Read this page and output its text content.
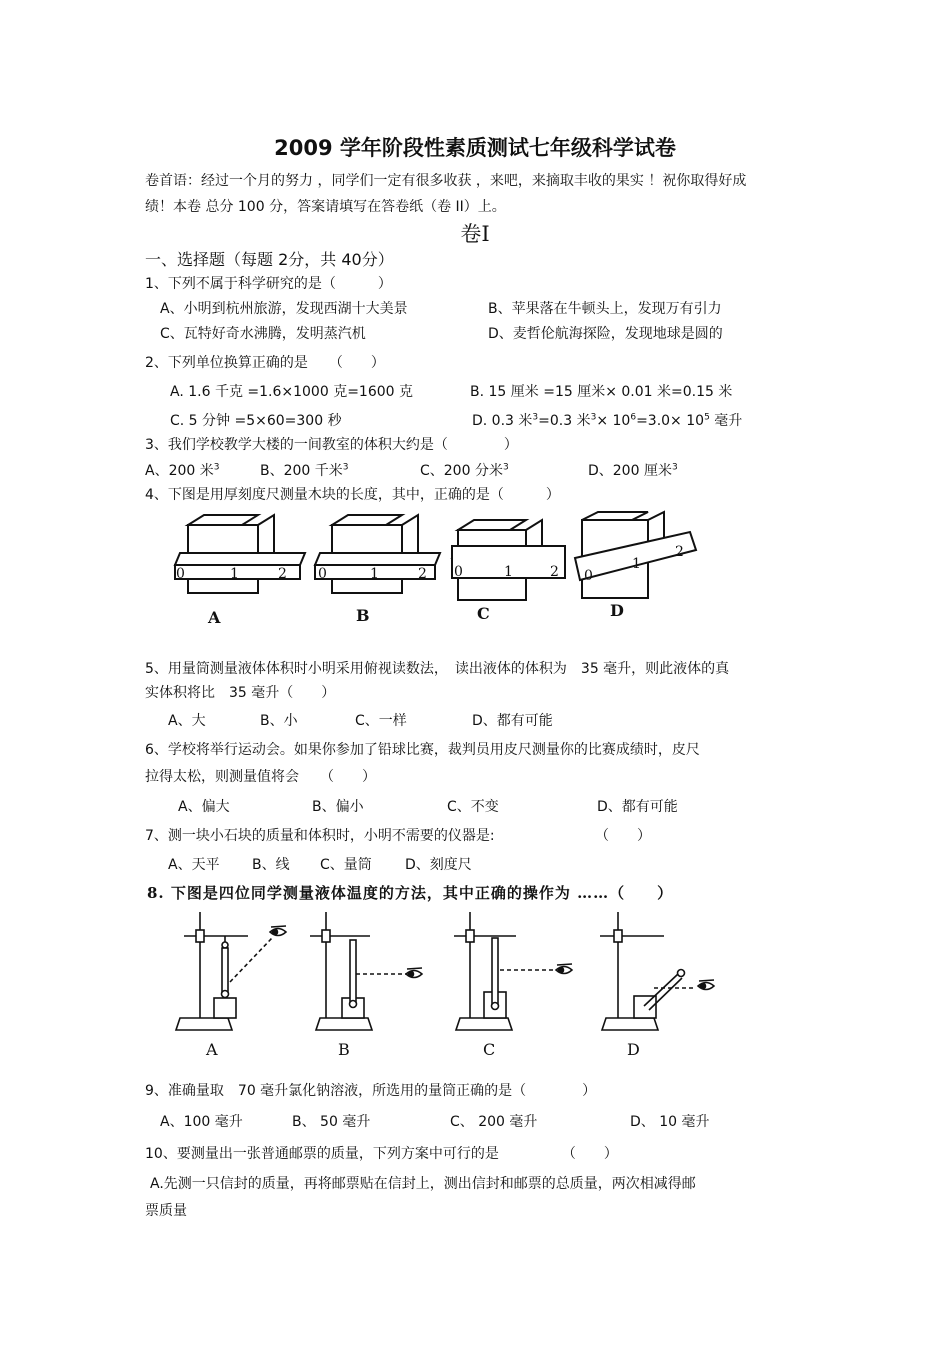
2009 学年阶段性素质测试七年级科学试卷
卷首语：经过一个月的努力 ，同学们一定有很多收获 ，来吧，来摘取丰收的果实 ！祝你取得好成
绩！本卷 总分 100 分，答案请填写在答卷纸（卷 II）上。
卷Ⅰ
一、选择题（每题 2分，共 40分）
1、下列不属于科学研究的是（　　　）
A、小明到杭州旅游，发现西湖十大美景	B、苹果落在牛顿头上，发现万有引力
C、瓦特好奇水沸腾，发明蒸汽机	D、麦哲伦航海探险，发现地球是圆的
2、下列单位换算正确的是　　（　　）
A. 1.6 千克 =1.6×1000 克=1600 克	B. 15 厘米 =15 厘米× 0.01 米=0.15 米
C. 5 分钟 =5×60=300 秒	D. 0.3 米$^3$=0.3 米$^3\times 10^6=3.0\times 10^5$ 毫升
3、我们学校教学大楼的一间教室的体积大约是（　　　　）
A、200 米$^3$	B、200 千米$^3$	C、200 分米$^3$	D、200 厘米$^3$
4、下图是用厚刻度尺测量木块的长度，其中，正确的是（　　　）
0	1	2
A
0	1	2
B
0	1	2
C
0
1
2
D
5、用量筒测量液体体积时小明采用俯视读数法，　读出液体的体积为　35 毫升，则此液体的真
实体积将比　35 毫升（　　）
A、大	B、小	C、一样	D、都有可能
6、学校将举行运动会。如果你参加了铅球比赛，裁判员用皮尺测量你的比赛成绩时，皮尺
拉得太松，则测量值将会　　（　　）
A、偏大	B、偏小	C、不变	D、都有可能
7、测一块小石块的质量和体积时，小明不需要的仪器是:	（　　）
A、天平 B、线 C、量筒 D、刻度尺
8. 下图是四位同学测量液体温度的方法，其中正确的操作为 ……（　　）
A	B	C	D
9、准确量取　70 毫升氯化钠溶液，所选用的量筒正确的是（　　　　）
A、100 毫升	B、 50 毫升	C、 200 毫升	D、 10 毫升
10、要测量出一张普通邮票的质量，下列方案中可行的是　　　　　（　　）
A.先测一只信封的质量，再将邮票贴在信封上，测出信封和邮票的总质量，两次相减得邮
票质量
